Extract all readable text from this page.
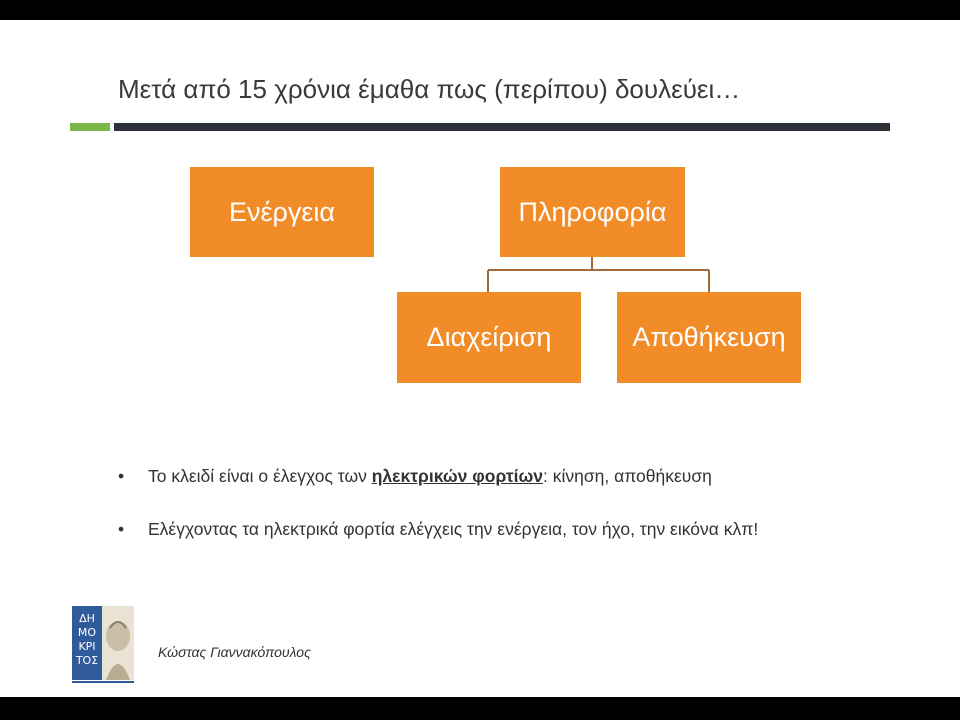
Μετά από 15 χρόνια έμαθα πως (περίπου) δουλεύει…
Ενέργεια	Πληροφορία
Διαχείριση	Αποθήκευση
• Το κλειδί είναι ο έλεγχος των ηλεκτρικών φορτίων: κίνηση, αποθήκευση
• Ελέγχοντας τα ηλεκτρικά φορτία ελέγχεις την ενέργεια, τον ήχο, την εικόνα κλπ!
ΔΗ
ΜΟ
ΚΡΙ
ΤΟΣ
Κώστας Γιαννακόπουλος
